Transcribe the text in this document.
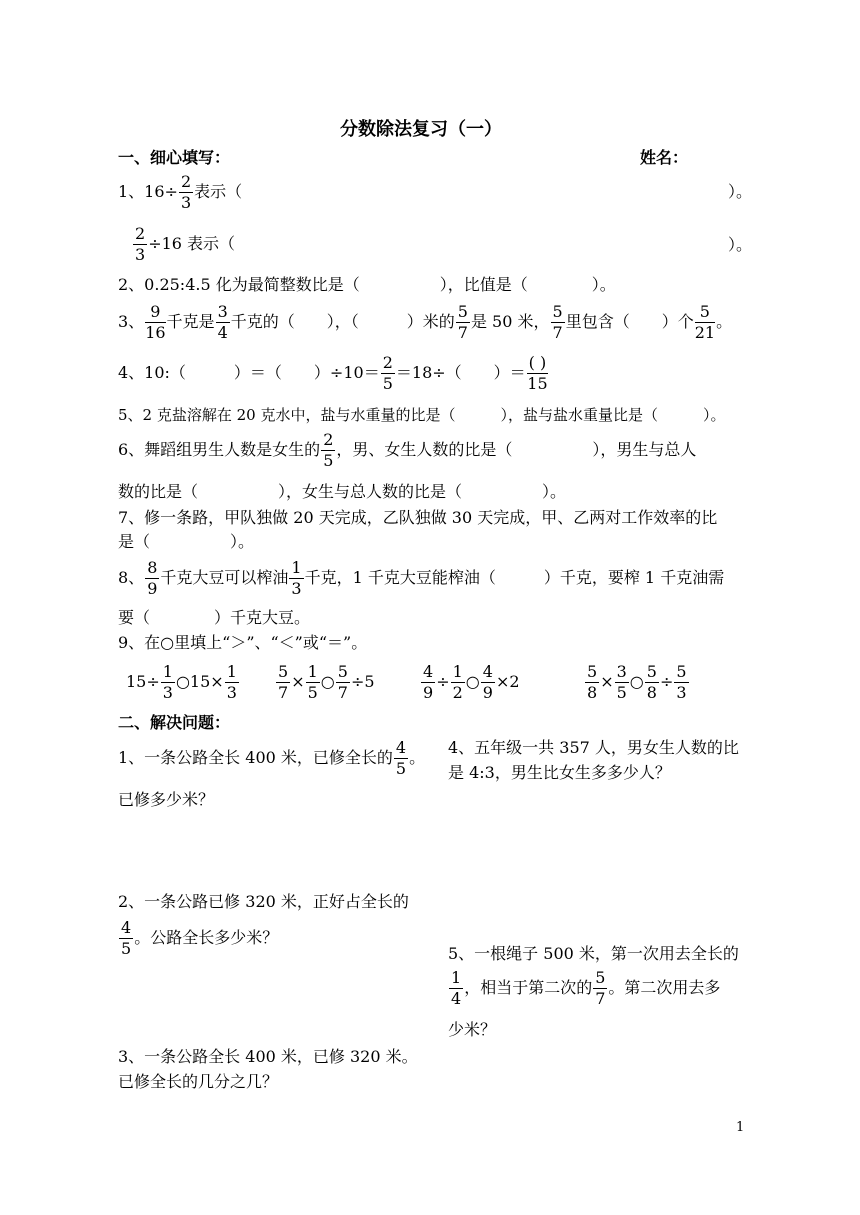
分数除法复习（一）
一、细心填写：	姓名：
1、$16\div \frac{2}{3}$ 表示（	）。
$\frac{2}{3} \div 16$ 表示（	）。
2、0.25:4.5 化为最简整数比是（　　　　　），比值是（　　　　）。
3、 $\frac{9}{16}$ 千克是 $\frac{3}{4}$ 千克的（　　），（　　　）米的 $\frac{5}{7}$ 是 50 米， $\frac{5}{7}$ 里包含（　　）个 $\frac{5}{21}$ 。
4、10:（　　　）＝（　　）$\div 10= \frac{2}{5} =18\div$（　　）＝ $\frac{( )}{15}$
5、2 克盐溶解在 20 克水中，盐与水重量的比是（　　　），盐与盐水重量比是（　　　）。
6、舞蹈组男生人数是女生的 $\frac{2}{5}$ ，男、女生人数的比是（　　　　　），男生与总人
数的比是（　　　　　），女生与总人数的比是（　　　　　）。
7、修一条路，甲队独做 20 天完成，乙队独做 30 天完成，甲、乙两对工作效率的比
是（　　　　　）。
8、 $\frac{8}{9}$ 千克大豆可以榨油 $\frac{1}{3}$ 千克，1 千克大豆能榨油（　　　）千克，要榨 1 千克油需
要（　　　　）千克大豆。
9、在○里填上“＞”、“＜”或“＝”。
$15\div \frac{1}{3}$ ○15× $\frac{1}{3} \frac{5}{7} \times \frac{1}{5}$ ○ $\frac{5}{7} \div 5$	$\frac{4}{9} \div \frac{1}{2}$ ○ $\frac{4}{9} \times 2$	$\frac{5}{8} \times \frac{3}{5}$ ○ $\frac{5}{8} \div \frac{5}{3}$
二、解决问题：
1、一条公路全长 400 米，已修全长的 $\frac{4}{5}$ 。
已修多少米？
4、五年级一共 357 人，男女生人数的比
是 4:3，男生比女生多多少人？
2、一条公路已修 320 米，正好占全长的
$\frac{4}{5}$ 。公路全长多少米？
5、一根绳子 500 米，第一次用去全长的
$\frac{1}{4}$ ，相当于第二次的 $\frac{5}{7}$ 。第二次用去多
少米？
3、一条公路全长 400 米，已修 320 米。
已修全长的几分之几？
1
